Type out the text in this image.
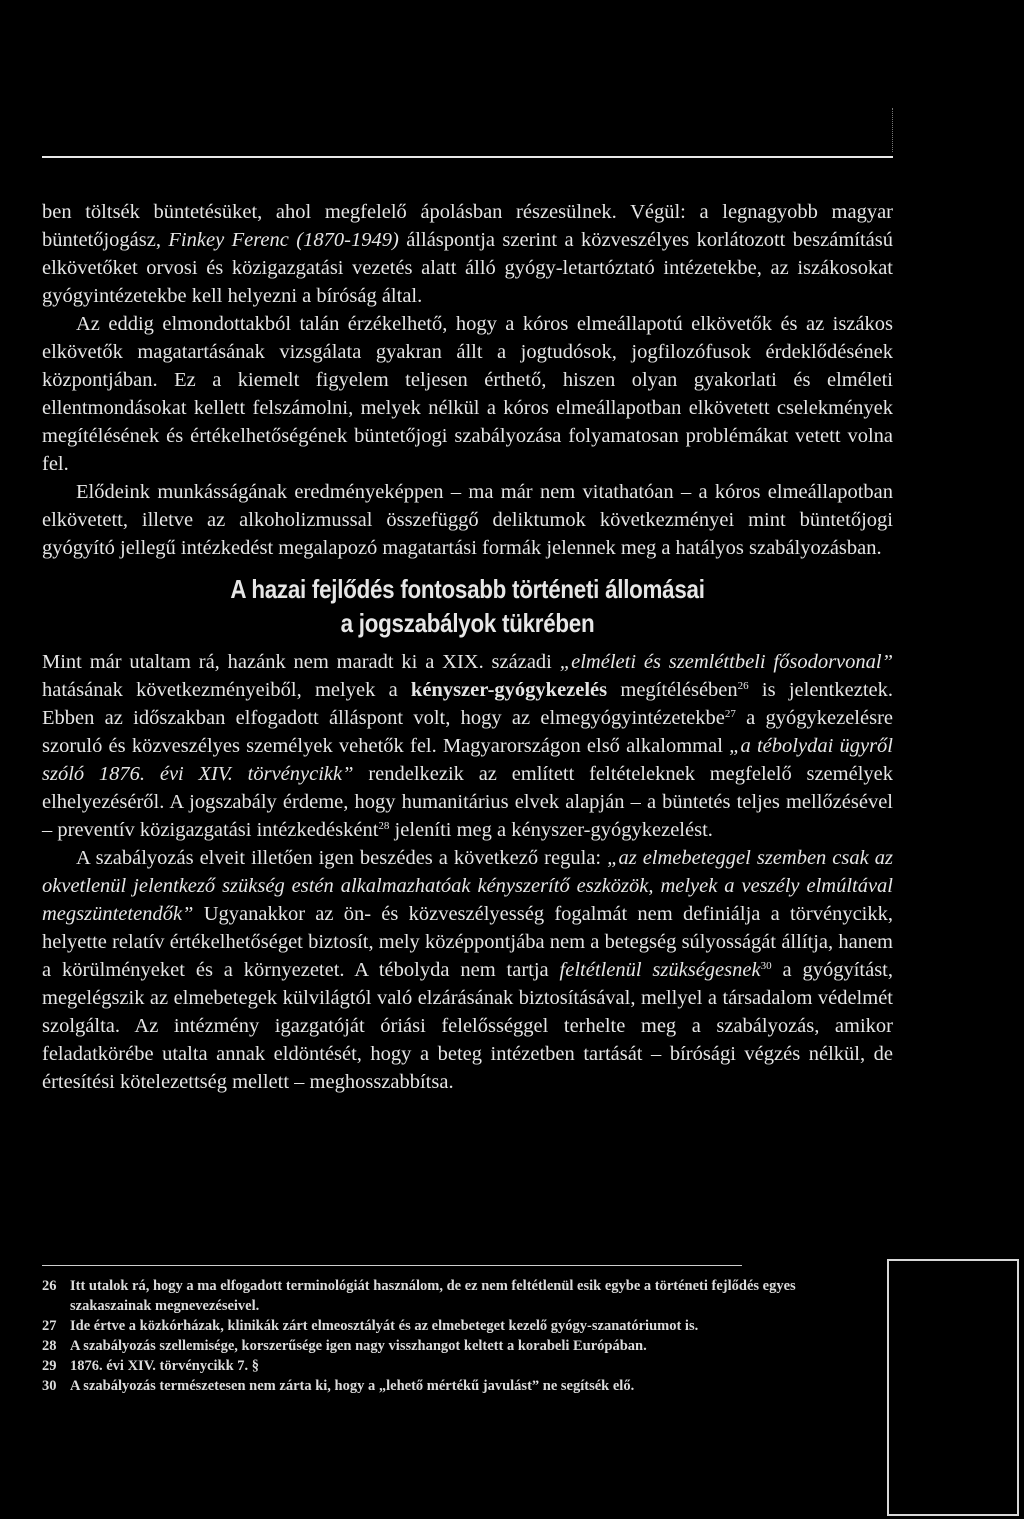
ben töltsék büntetésüket, ahol megfelelő ápolásban részesülnek. Végül: a legnagyobb magyar büntetőjogász, Finkey Ferenc (1870-1949) álláspontja szerint a közveszélyes korlátozott beszámítású elkövetőket orvosi és közigazgatási vezetés alatt álló gyógy-letartóztató intézetekbe, az iszákosokat gyógyintézetekbe kell helyezni a bíróság által.

Az eddig elmondottakból talán érzékelhető, hogy a kóros elmeállapotú elkövetők és az iszákos elkövetők magatartásának vizsgálata gyakran állt a jogtudósok, jogfilozófusok érdeklődésének központjában. Ez a kiemelt figyelem teljesen érthető, hiszen olyan gyakorlati és elméleti ellentmondásokat kellett felszámolni, melyek nélkül a kóros elmeállapotban elkövetett cselekmények megítélésének és értékelhetőségének büntetőjogi szabályozása folyamatosan problémákat vetett volna fel.

Elődeink munkásságának eredményeképpen – ma már nem vitathatóan – a kóros elmeállapotban elkövetett, illetve az alkoholizmussal összefüggő deliktumok következményei mint büntetőjogi gyógyító jellegű intézkedést megalapozó magatartási formák jelennek meg a hatályos szabályozásban.

A hazai fejlődés fontosabb történeti állomásai
a jogszabályok tükrében

Mint már utaltam rá, hazánk nem maradt ki a XIX. századi „elméleti és szemléttbeli fősodorvonal” hatásának következményeiből, melyek a kényszer-gyógykezelés megítélésében$^{26}$ is jelentkeztek. Ebben az időszakban elfogadott álláspont volt, hogy az elmegyógyintézetekbe$^{27}$ a gyógykezelésre szoruló és közveszélyes személyek vehetők fel. Magyarországon első alkalommal „a tébolydai ügyről szóló 1876. évi XIV. törvénycikk” rendelkezik az említett feltételeknek megfelelő személyek elhelyezéséről. A jogszabály érdeme, hogy humanitárius elvek alapján – a büntetés teljes mellőzésével – preventív közigazgatási intézkedésként$^{28}$ jeleníti meg a kényszer-gyógykezelést.

A szabályozás elveit illetően igen beszédes a következő regula: „az elmebeteggel szemben csak az okvetlenül jelentkező szükség estén alkalmazhatóak kényszerítő eszközök, melyek a veszély elmúltával megszüntetendők” Ugyanakkor az ön- és közveszélyesség fogalmát nem definiálja a törvénycikk, helyette relatív értékelhetőséget biztosít, mely középpontjába nem a betegség súlyosságát állítja, hanem a körülményeket és a környezetet. A tébolyda nem tartja feltétlenül szükségesnek$^{30}$ a gyógyítást, megelégszik az elmebetegek külvilágtól való elzárásának biztosításával, mellyel a társadalom védelmét szolgálta. Az intézmény igazgatóját óriási felelősséggel terhelte meg a szabályozás, amikor feladatkörébe utalta annak eldöntését, hogy a beteg intézetben tartását – bírósági végzés nélkül, de értesítési kötelezettség mellett – meghosszabbítsa.

26 Itt utalok rá, hogy a ma elfogadott terminológiát használom, de ez nem feltétlenül esik egybe a történeti fejlődés egyes szakaszainak megnevezéseivel.
27 Ide értve a közkórházak, klinikák zárt elmeosztályát és az elmebeteget kezelő gyógy-szanatóriumot is.
28 A szabályozás szellemisége, korszerűsége igen nagy visszhangot keltett a korabeli Európában.
29 1876. évi XIV. törvénycikk 7. §
30 A szabályozás természetesen nem zárta ki, hogy a „lehető mértékű javulást” ne segítsék elő.
